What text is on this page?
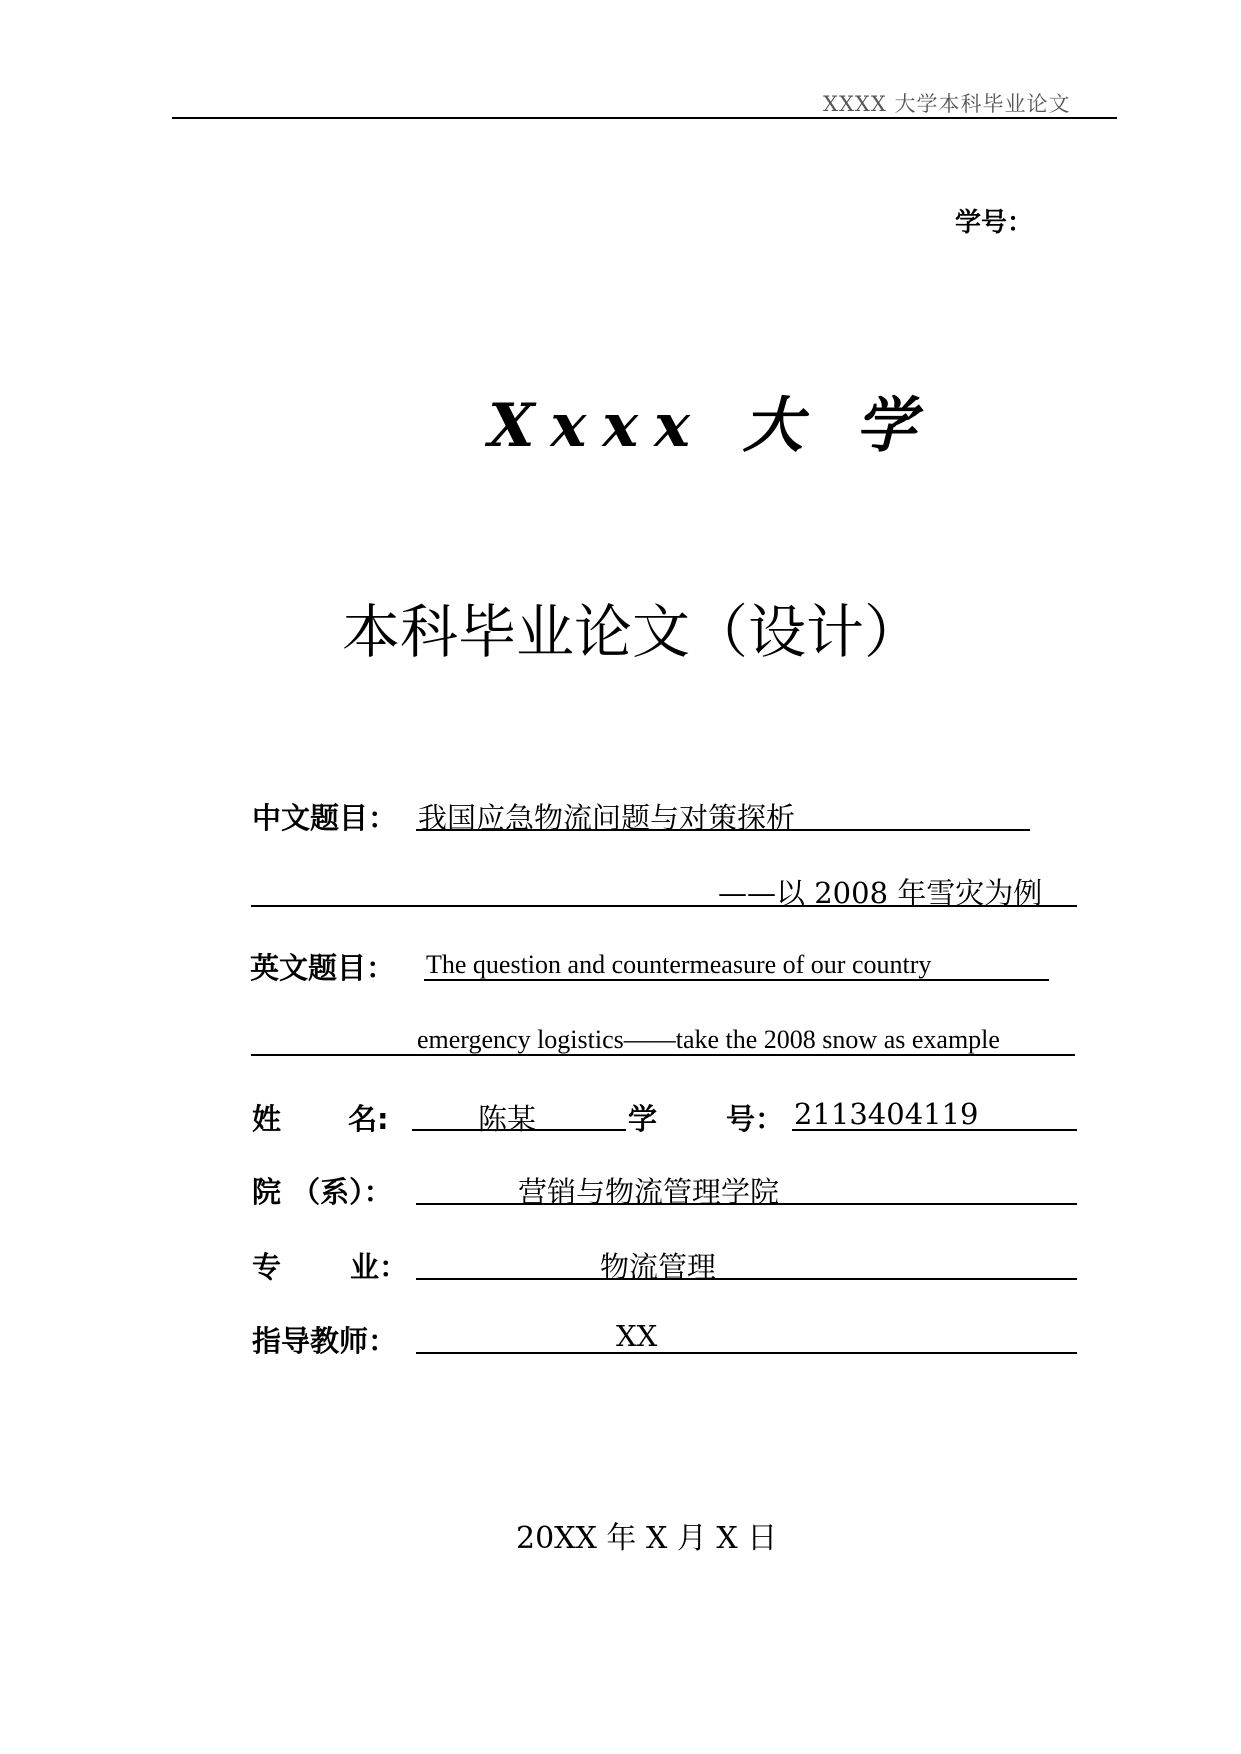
XXXX 大学本科毕业论文
学号：
Xxxx 大 学
本科毕业论文（设计）
中文题目： 我国应急物流问题与对策探析
——以 2008 年雪灾为例
英文题目： The question and countermeasure of our country
emergency logistics——take the 2008 snow as example
姓 名:	陈某	学 号： 2113404119
院 （系）：	营销与物流管理学院
专 业：	物流管理
指导教师：	XX
20XX 年 X 月 X 日
